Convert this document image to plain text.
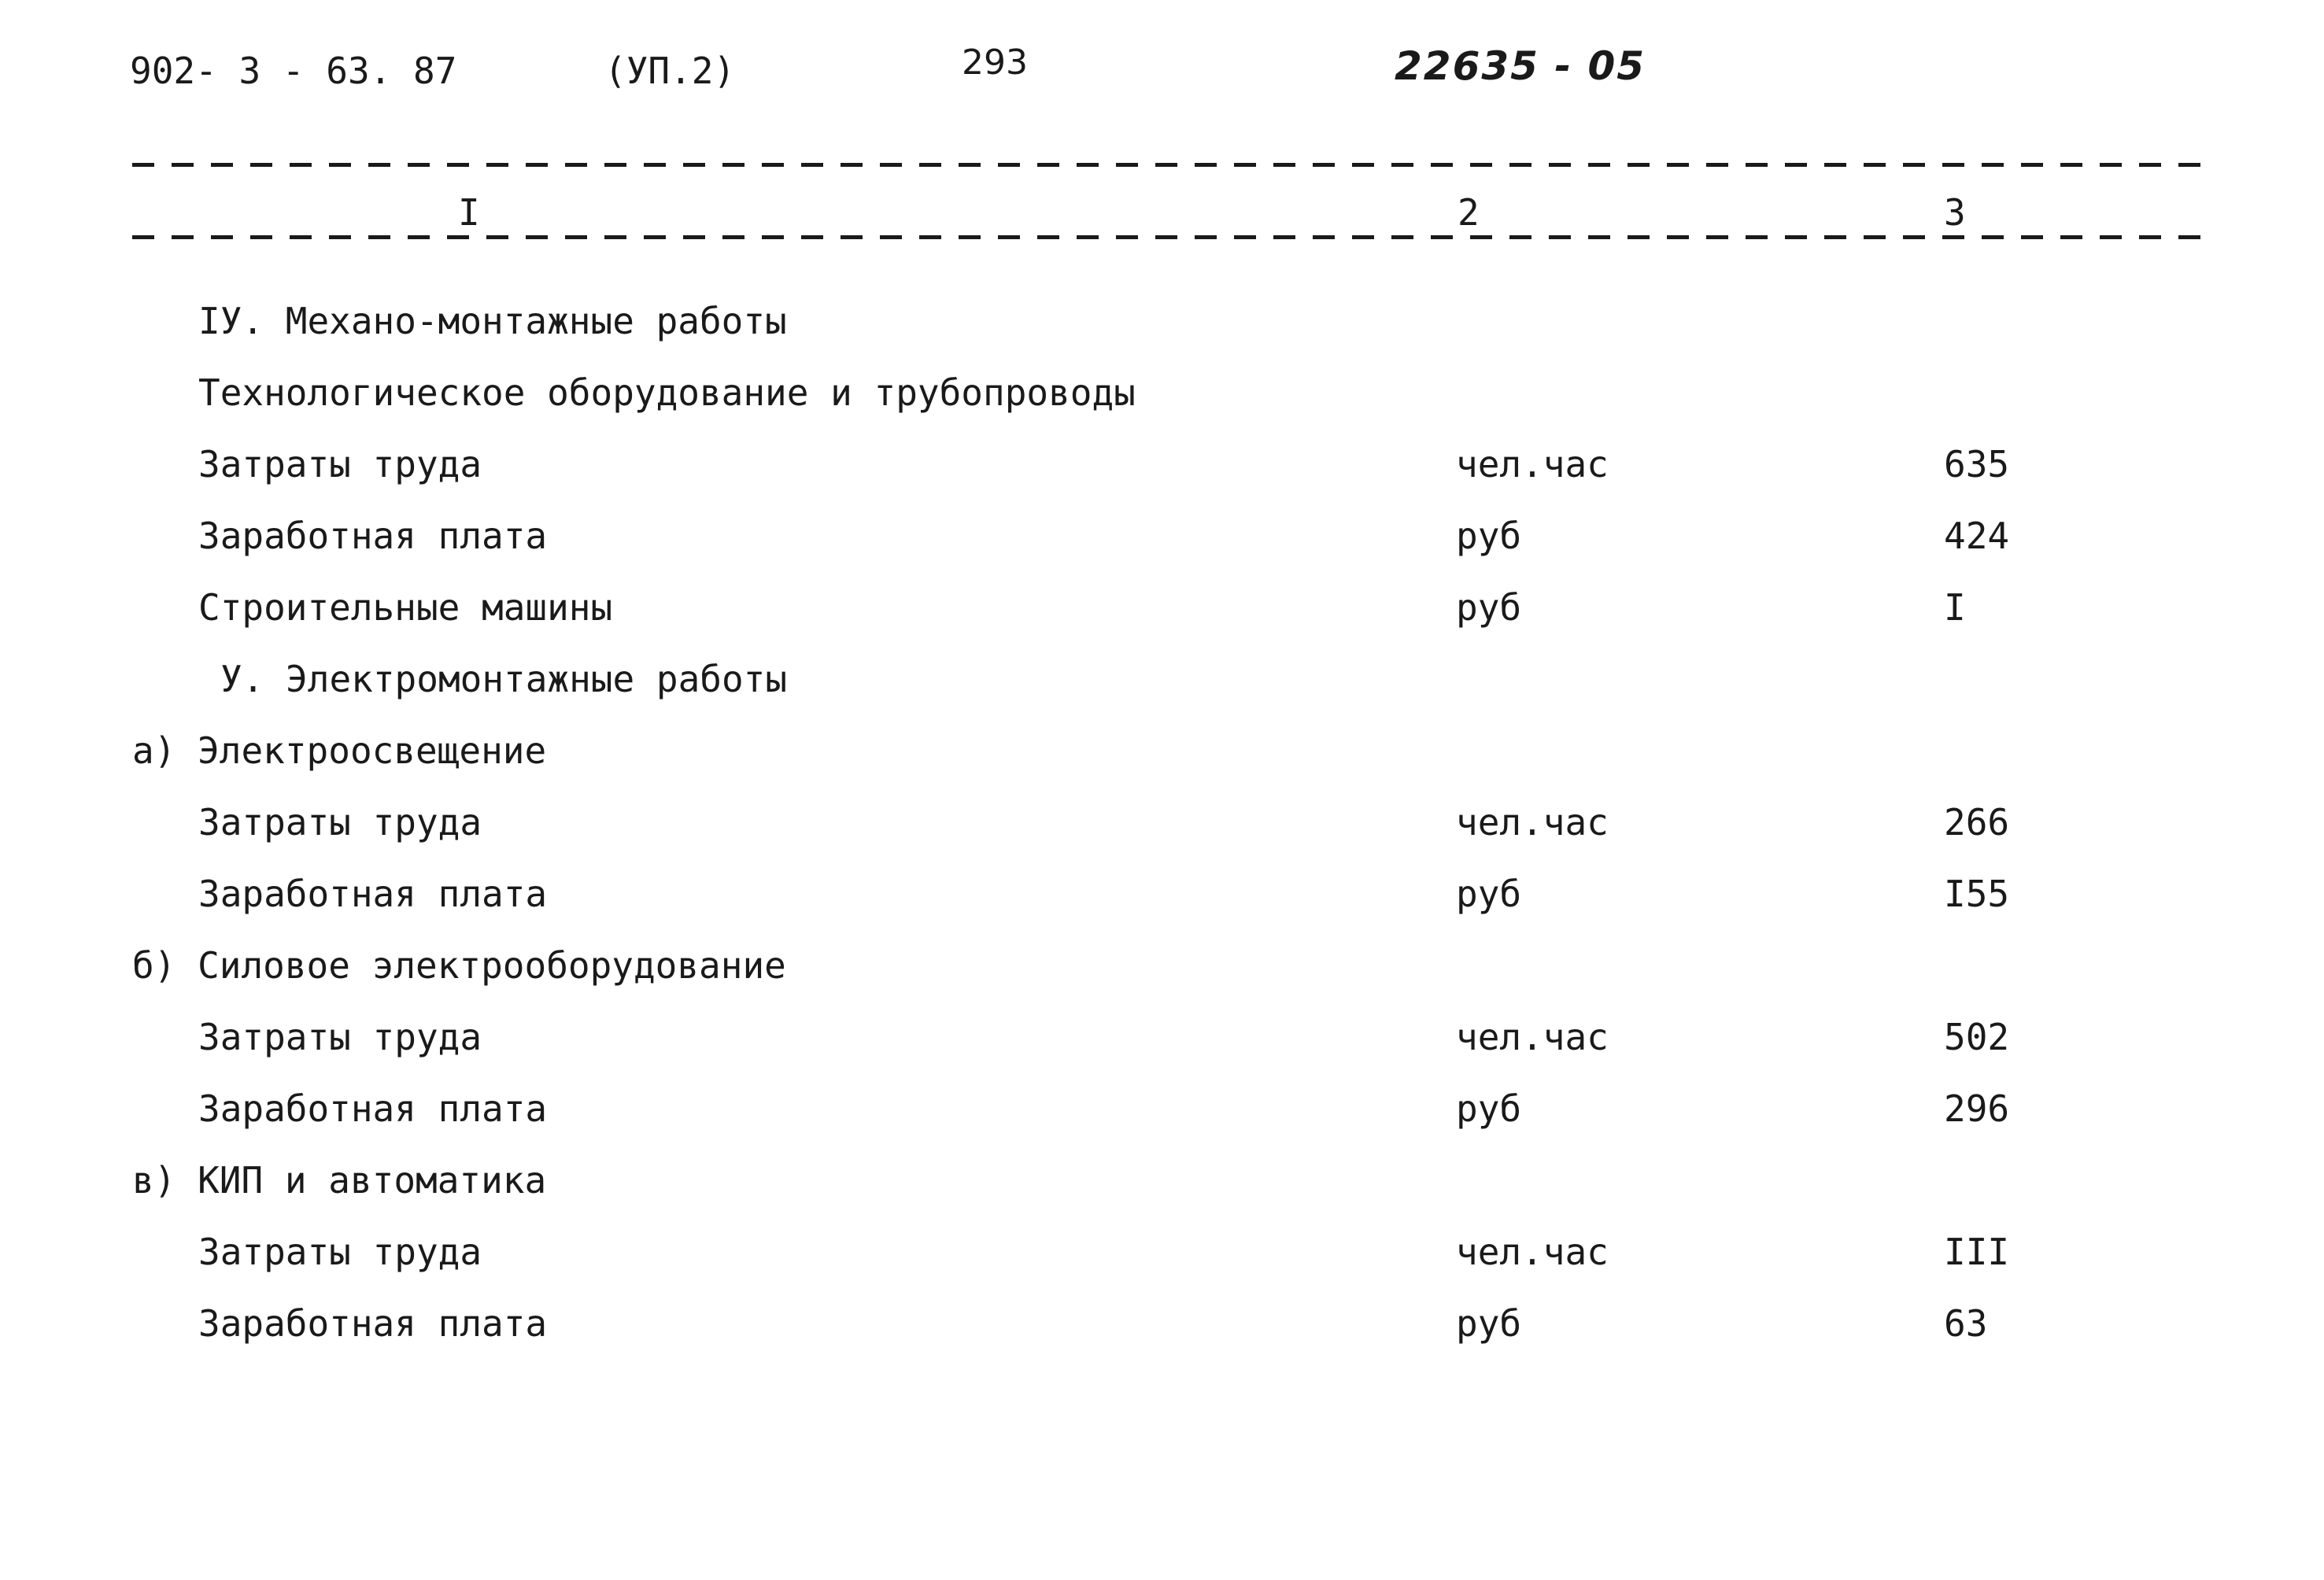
902- 3 - 63. 87	(УП.2)	293	22635 - 05
I	2	3
IУ. Механо-монтажные работы
Технологическое оборудование и трубопроводы
Затраты труда	чел.час	635
Заработная плата	руб	424
Строительные машины	руб	I
У. Электромонтажные работы
а) Электроосвещение
Затраты труда	чел.час	266
Заработная плата	руб	I55
б) Силовое электрооборудование
Затраты труда	чел.час	502
Заработная плата	руб	296
в) КИП и автоматика
Затраты труда	чел.час	III
Заработная плата	руб	63
